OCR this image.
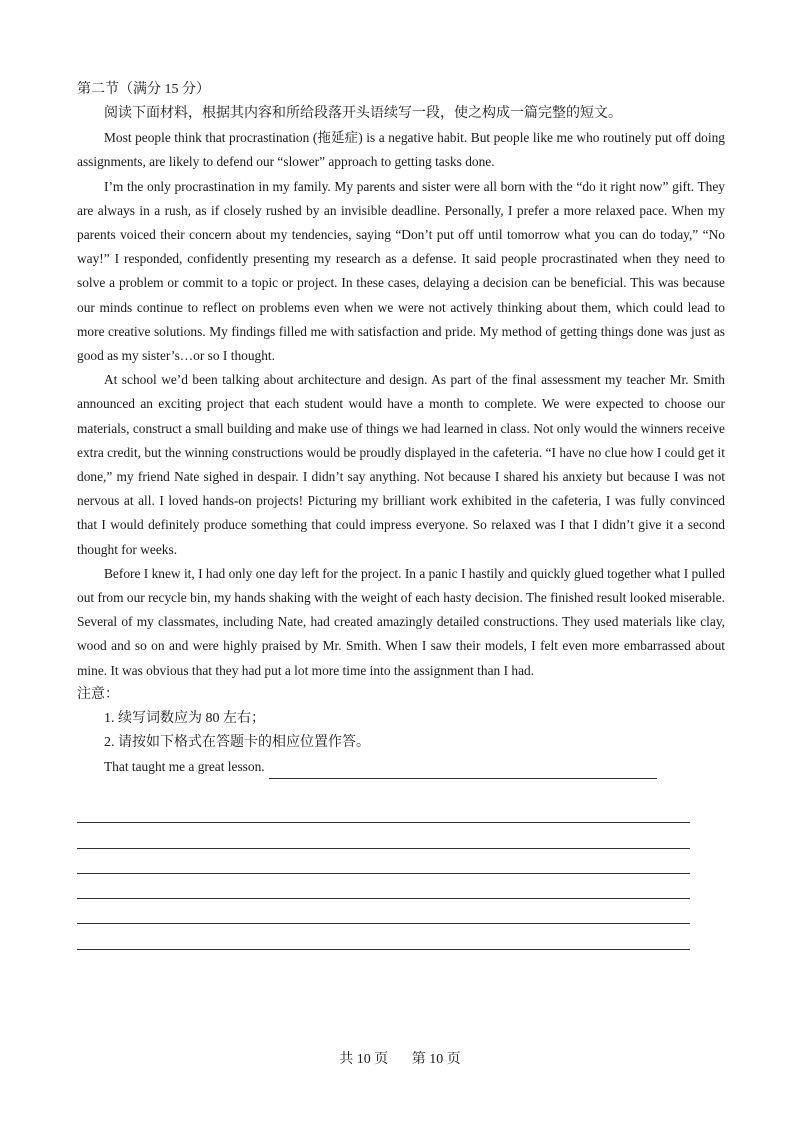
第二节（满分 15 分）

阅读下面材料，根据其内容和所给段落开头语续写一段，使之构成一篇完整的短文。

Most people think that procrastination (拖延症) is a negative habit. But people like me who routinely put off doing assignments, are likely to defend our “slower” approach to getting tasks done.

I’m the only procrastination in my family. My parents and sister were all born with the “do it right now” gift. They are always in a rush, as if closely rushed by an invisible deadline. Personally, I prefer a more relaxed pace. When my parents voiced their concern about my tendencies, saying “Don’t put off until tomorrow what you can do today,” “No way!” I responded, confidently presenting my research as a defense. It said people procrastinated when they need to solve a problem or commit to a topic or project. In these cases, delaying a decision can be beneficial. This was because our minds continue to reflect on problems even when we were not actively thinking about them, which could lead to more creative solutions. My findings filled me with satisfaction and pride. My method of getting things done was just as good as my sister’s…or so I thought.

At school we’d been talking about architecture and design. As part of the final assessment my teacher Mr. Smith announced an exciting project that each student would have a month to complete. We were expected to choose our materials, construct a small building and make use of things we had learned in class. Not only would the winners receive extra credit, but the winning constructions would be proudly displayed in the cafeteria. “I have no clue how I could get it done,” my friend Nate sighed in despair. I didn’t say anything. Not because I shared his anxiety but because I was not nervous at all. I loved hands-on projects! Picturing my brilliant work exhibited in the cafeteria, I was fully convinced that I would definitely produce something that could impress everyone. So relaxed was I that I didn’t give it a second thought for weeks.

Before I knew it, I had only one day left for the project. In a panic I hastily and quickly glued together what I pulled out from our recycle bin, my hands shaking with the weight of each hasty decision. The finished result looked miserable. Several of my classmates, including Nate, had created amazingly detailed constructions. They used materials like clay, wood and so on and were highly praised by Mr. Smith. When I saw their models, I felt even more embarrassed about mine. It was obvious that they had put a lot more time into the assignment than I had.

注意：

1. 续写词数应为 80 左右；

2. 请按如下格式在答题卡的相应位置作答。

That taught me a great lesson.

共 10 页 第 10 页
